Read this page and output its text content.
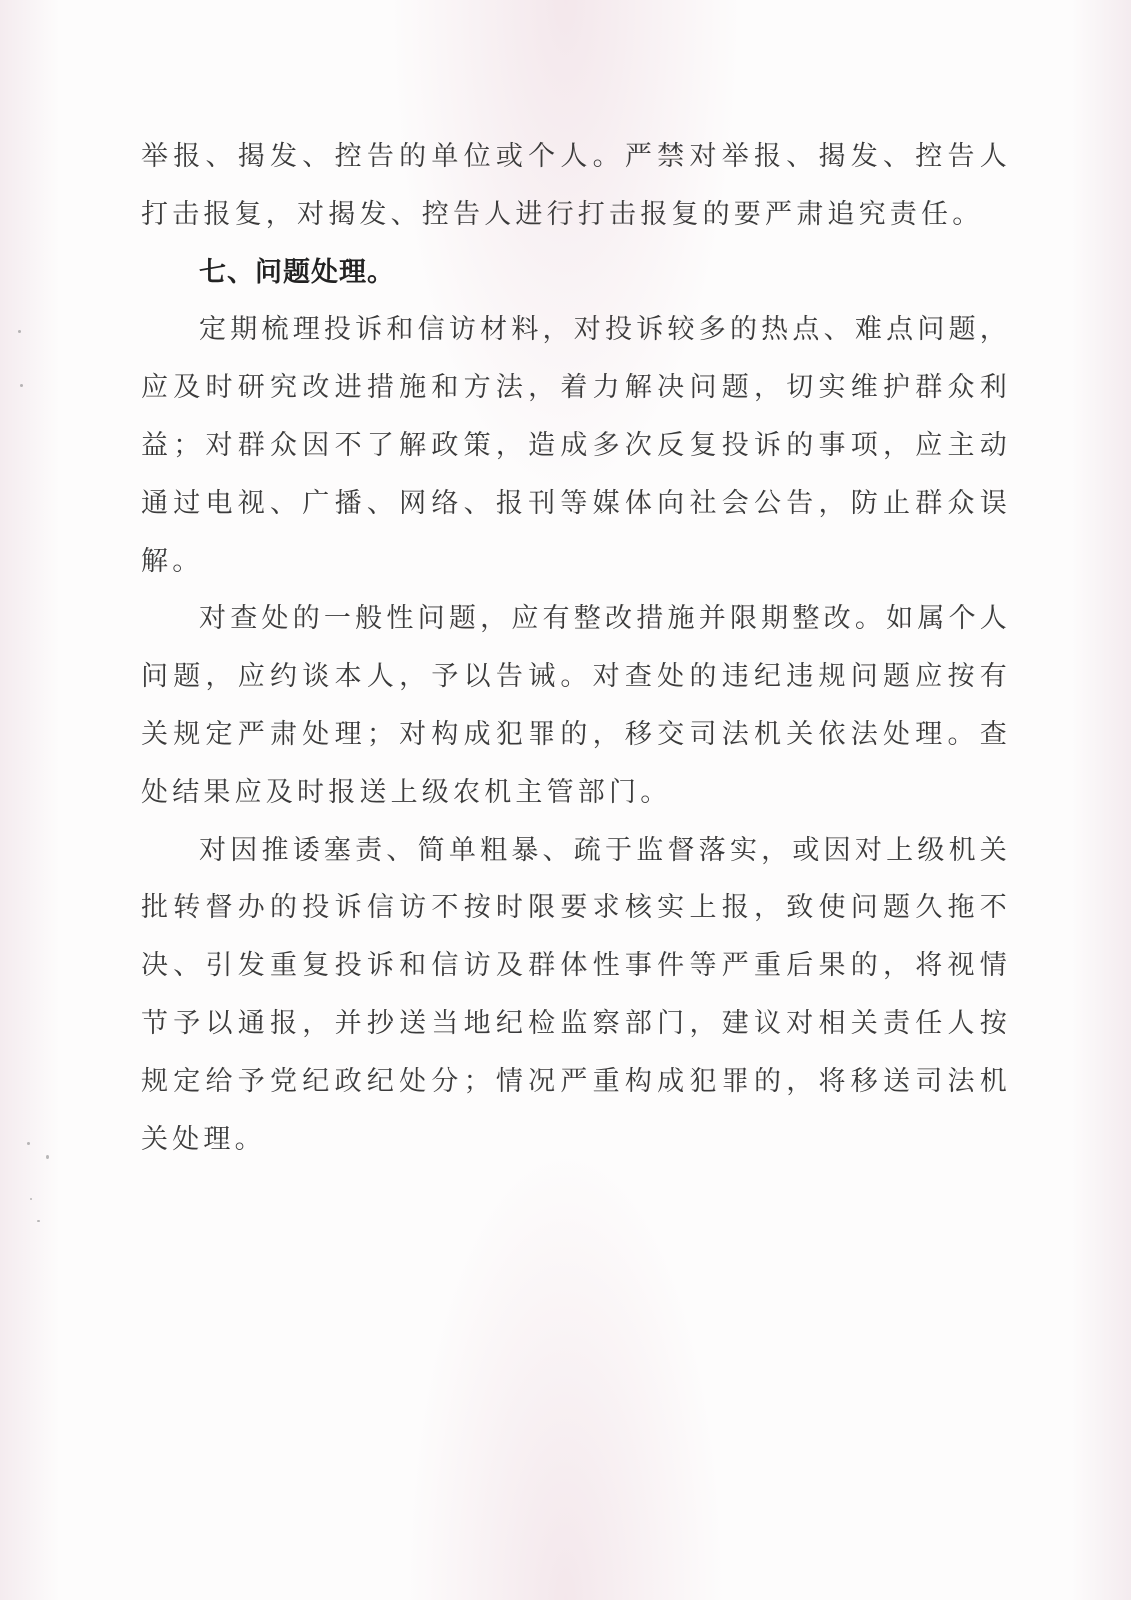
举报、揭发、控告的单位或个人。严禁对举报、揭发、控告人打击报复，对揭发、控告人进行打击报复的要严肃追究责任。

七、问题处理。

定期梳理投诉和信访材料，对投诉较多的热点、难点问题，应及时研究改进措施和方法，着力解决问题，切实维护群众利益；对群众因不了解政策，造成多次反复投诉的事项，应主动通过电视、广播、网络、报刊等媒体向社会公告，防止群众误解。

对查处的一般性问题，应有整改措施并限期整改。如属个人问题，应约谈本人，予以告诫。对查处的违纪违规问题应按有关规定严肃处理；对构成犯罪的，移交司法机关依法处理。查处结果应及时报送上级农机主管部门。

对因推诿塞责、简单粗暴、疏于监督落实，或因对上级机关批转督办的投诉信访不按时限要求核实上报，致使问题久拖不决、引发重复投诉和信访及群体性事件等严重后果的，将视情节予以通报，并抄送当地纪检监察部门，建议对相关责任人按规定给予党纪政纪处分；情况严重构成犯罪的，将移送司法机关处理。
